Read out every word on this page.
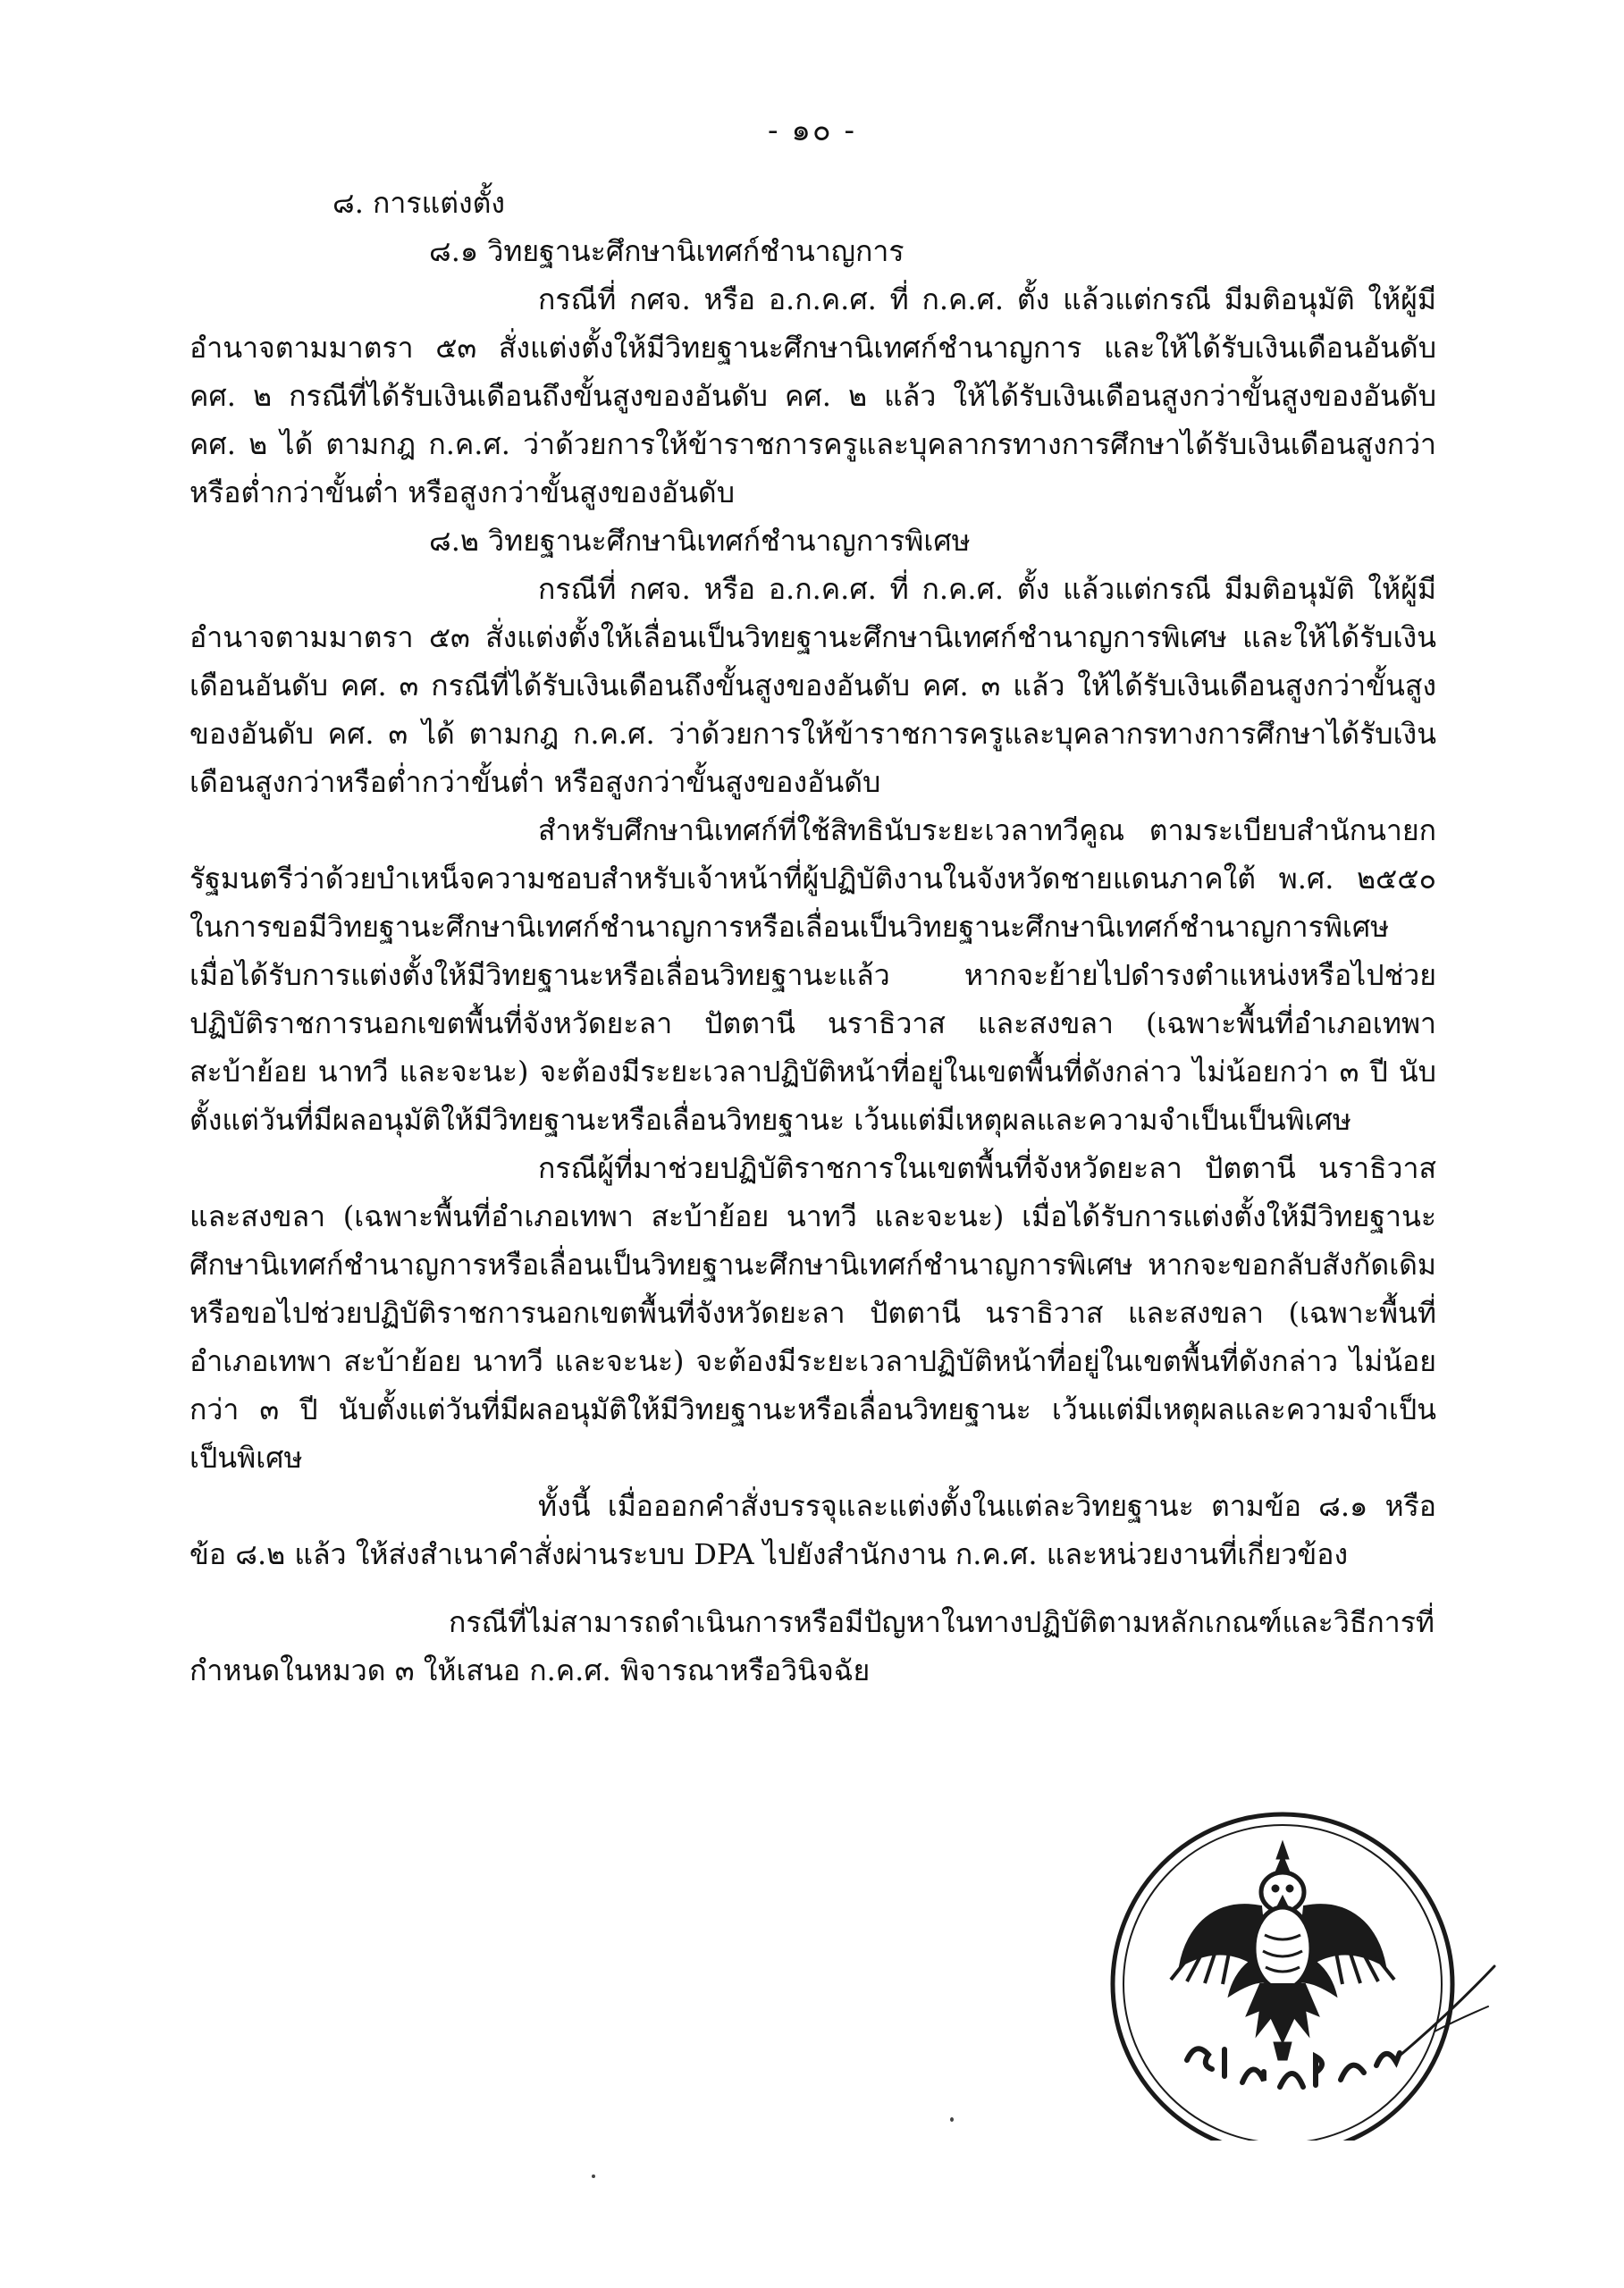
- ๑๐ -
๘. การแต่งตั้ง
๘.๑ วิทยฐานะศึกษานิเทศก์ชำนาญการ

กรณีที่ กศจ. หรือ อ.ก.ค.ศ. ที่ ก.ค.ศ. ตั้ง แล้วแต่กรณี มีมติอนุมัติ ให้ผู้มีอำนาจตามมาตรา ๕๓ สั่งแต่งตั้งให้มีวิทยฐานะศึกษานิเทศก์ชำนาญการ และให้ได้รับเงินเดือนอันดับ คศ. ๒ กรณีที่ได้รับเงินเดือนถึงขั้นสูงของอันดับ คศ. ๒ แล้ว ให้ได้รับเงินเดือนสูงกว่าขั้นสูงของอันดับ คศ. ๒ ได้ ตามกฎ ก.ค.ศ. ว่าด้วยการให้ข้าราชการครูและบุคลากรทางการศึกษาได้รับเงินเดือนสูงกว่าหรือต่ำกว่าขั้นต่ำ หรือสูงกว่าขั้นสูงของอันดับ

๘.๒ วิทยฐานะศึกษานิเทศก์ชำนาญการพิเศษ

กรณีที่ กศจ. หรือ อ.ก.ค.ศ. ที่ ก.ค.ศ. ตั้ง แล้วแต่กรณี มีมติอนุมัติ ให้ผู้มีอำนาจตามมาตรา ๕๓ สั่งแต่งตั้งให้เลื่อนเป็นวิทยฐานะศึกษานิเทศก์ชำนาญการพิเศษ และให้ได้รับเงินเดือนอันดับ คศ. ๓ กรณีที่ได้รับเงินเดือนถึงขั้นสูงของอันดับ คศ. ๓ แล้ว ให้ได้รับเงินเดือนสูงกว่าขั้นสูงของอันดับ คศ. ๓ ได้ ตามกฎ ก.ค.ศ. ว่าด้วยการให้ข้าราชการครูและบุคลากรทางการศึกษาได้รับเงินเดือนสูงกว่าหรือต่ำกว่าขั้นต่ำ หรือสูงกว่าขั้นสูงของอันดับ

สำหรับศึกษานิเทศก์ที่ใช้สิทธินับระยะเวลาทวีคูณ ตามระเบียบสำนักนายกรัฐมนตรีว่าด้วยบำเหน็จความชอบสำหรับเจ้าหน้าที่ผู้ปฏิบัติงานในจังหวัดชายแดนภาคใต้ พ.ศ. ๒๕๕๐ ในการขอมีวิทยฐานะศึกษานิเทศก์ชำนาญการหรือเลื่อนเป็นวิทยฐานะศึกษานิเทศก์ชำนาญการพิเศษ เมื่อได้รับการแต่งตั้งให้มีวิทยฐานะหรือเลื่อนวิทยฐานะแล้ว หากจะย้ายไปดำรงตำแหน่งหรือไปช่วยปฏิบัติราชการนอกเขตพื้นที่จังหวัดยะลา ปัตตานี นราธิวาส และสงขลา (เฉพาะพื้นที่อำเภอเทพา สะบ้าย้อย นาทวี และจะนะ) จะต้องมีระยะเวลาปฏิบัติหน้าที่อยู่ในเขตพื้นที่ดังกล่าว ไม่น้อยกว่า ๓ ปี นับตั้งแต่วันที่มีผลอนุมัติให้มีวิทยฐานะหรือเลื่อนวิทยฐานะ เว้นแต่มีเหตุผลและความจำเป็นเป็นพิเศษ

กรณีผู้ที่มาช่วยปฏิบัติราชการในเขตพื้นที่จังหวัดยะลา ปัตตานี นราธิวาส และสงขลา (เฉพาะพื้นที่อำเภอเทพา สะบ้าย้อย นาทวี และจะนะ) เมื่อได้รับการแต่งตั้งให้มีวิทยฐานะศึกษานิเทศก์ชำนาญการหรือเลื่อนเป็นวิทยฐานะศึกษานิเทศก์ชำนาญการพิเศษ หากจะขอกลับสังกัดเดิมหรือขอไปช่วยปฏิบัติราชการนอกเขตพื้นที่จังหวัดยะลา ปัตตานี นราธิวาส และสงขลา (เฉพาะพื้นที่อำเภอเทพา สะบ้าย้อย นาทวี และจะนะ) จะต้องมีระยะเวลาปฏิบัติหน้าที่อยู่ในเขตพื้นที่ดังกล่าว ไม่น้อยกว่า ๓ ปี นับตั้งแต่วันที่มีผลอนุมัติให้มีวิทยฐานะหรือเลื่อนวิทยฐานะ เว้นแต่มีเหตุผลและความจำเป็นเป็นพิเศษ

ทั้งนี้ เมื่อออกคำสั่งบรรจุและแต่งตั้งในแต่ละวิทยฐานะ ตามข้อ ๘.๑ หรือข้อ ๘.๒ แล้ว ให้ส่งสำเนาคำสั่งผ่านระบบ DPA ไปยังสำนักงาน ก.ค.ศ. และหน่วยงานที่เกี่ยวข้อง

กรณีที่ไม่สามารถดำเนินการหรือมีปัญหาในทางปฏิบัติตามหลักเกณฑ์และวิธีการที่กำหนดในหมวด ๓ ให้เสนอ ก.ค.ศ. พิจารณาหรือวินิจฉัย
